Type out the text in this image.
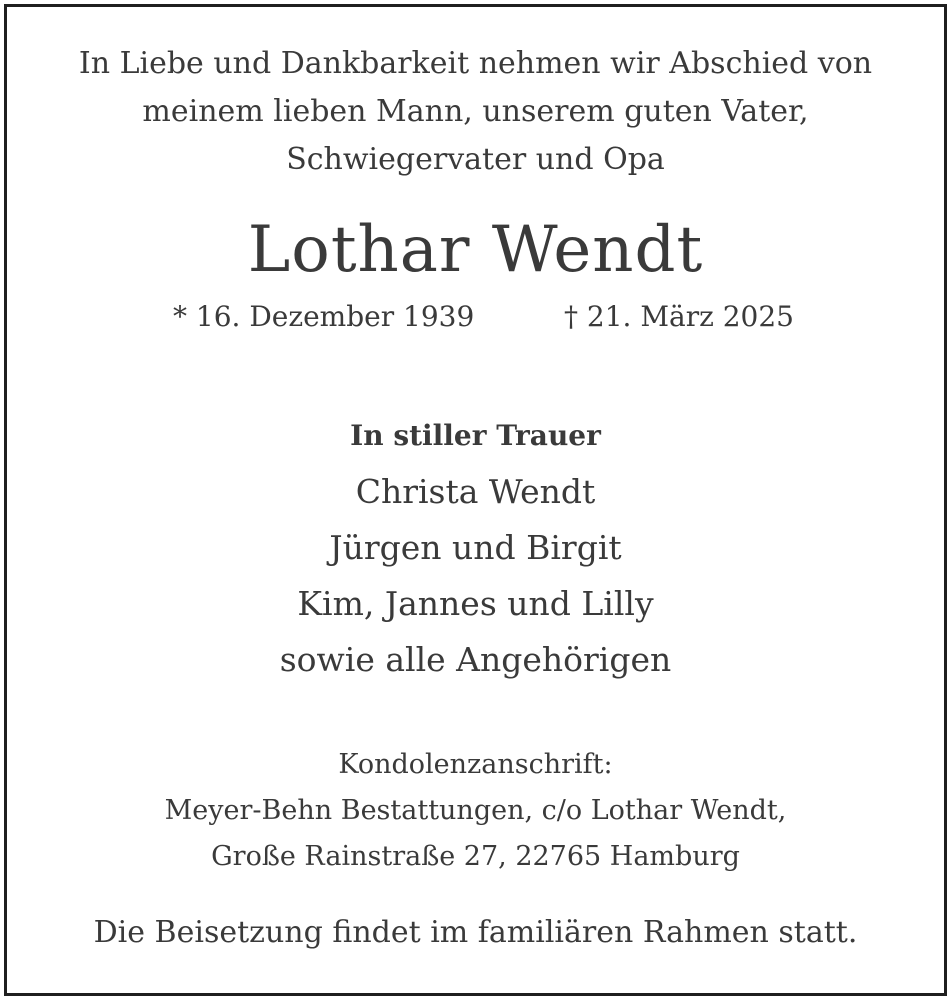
In Liebe und Dankbarkeit nehmen wir Abschied von
meinem lieben Mann, unserem guten Vater,
Schwiegervater und Opa
Lothar Wendt
* 16. Dezember 1939	† 21. März 2025
In stiller Trauer
Christa Wendt
Jürgen und Birgit
Kim, Jannes und Lilly
sowie alle Angehörigen
Kondolenzanschrift:
Meyer-Behn Bestattungen, c/o Lothar Wendt,
Große Rainstraße 27, 22765 Hamburg
Die Beisetzung findet im familiären Rahmen statt.
